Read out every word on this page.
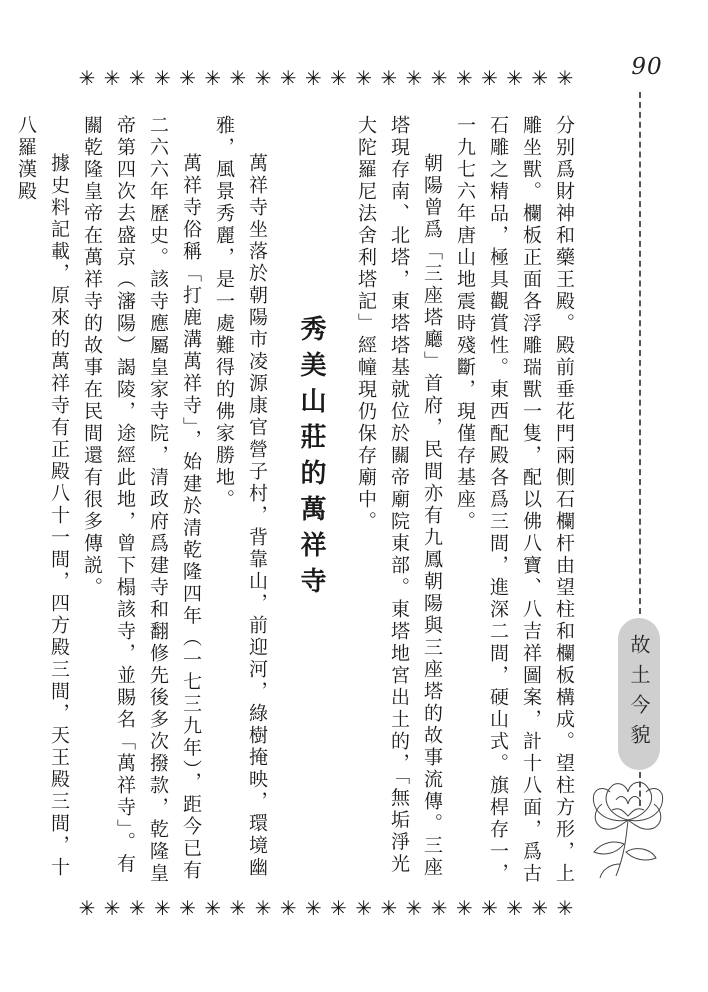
✳ ✳ ✳ ✳ ✳ ✳ ✳ ✳ ✳ ✳ ✳ ✳ ✳ ✳ ✳ ✳ ✳ ✳ ✳ ✳
✳ ✳ ✳ ✳ ✳ ✳ ✳ ✳ ✳ ✳ ✳ ✳ ✳ ✳ ✳ ✳ ✳ ✳ ✳ ✳
90
故土今貌

分别爲財神和藥王殿。殿前垂花門兩側石欄杆由望柱和欄板構成。望柱方形，上雕坐獸。欄板正面各浮雕瑞獸一隻，配以佛八寶、八吉祥圖案，計十八面，爲古石雕之精品，極具觀賞性。東西配殿各爲三間，進深二間，硬山式。旗桿存一，一九七六年唐山地震時殘斷，現僅存基座。

朝陽曾爲「三座塔廳」首府，民間亦有九鳳朝陽與三座塔的故事流傳。三座塔現存南、北塔，東塔塔基就位於關帝廟院東部。東塔地宮出土的，「無垢淨光大陀羅尼法舍利塔記」經幢現仍保存廟中。

秀美山莊的萬祥寺

萬祥寺坐落於朝陽市凌源康官營子村，背靠山，前迎河，綠樹掩映，環境幽雅，風景秀麗，是一處難得的佛家勝地。

萬祥寺俗稱「打鹿溝萬祥寺」，始建於清乾隆四年（一七三九年），距今已有二六六年歷史。該寺應屬皇家寺院，清政府爲建寺和翻修先後多次撥款，乾隆皇帝第四次去盛京（瀋陽）謁陵，途經此地，曾下榻該寺，並賜名「萬祥寺」。有關乾隆皇帝在萬祥寺的故事在民間還有很多傳説。

據史料記載，原來的萬祥寺有正殿八十一間，四方殿三間，天王殿三間，十八羅漢殿
